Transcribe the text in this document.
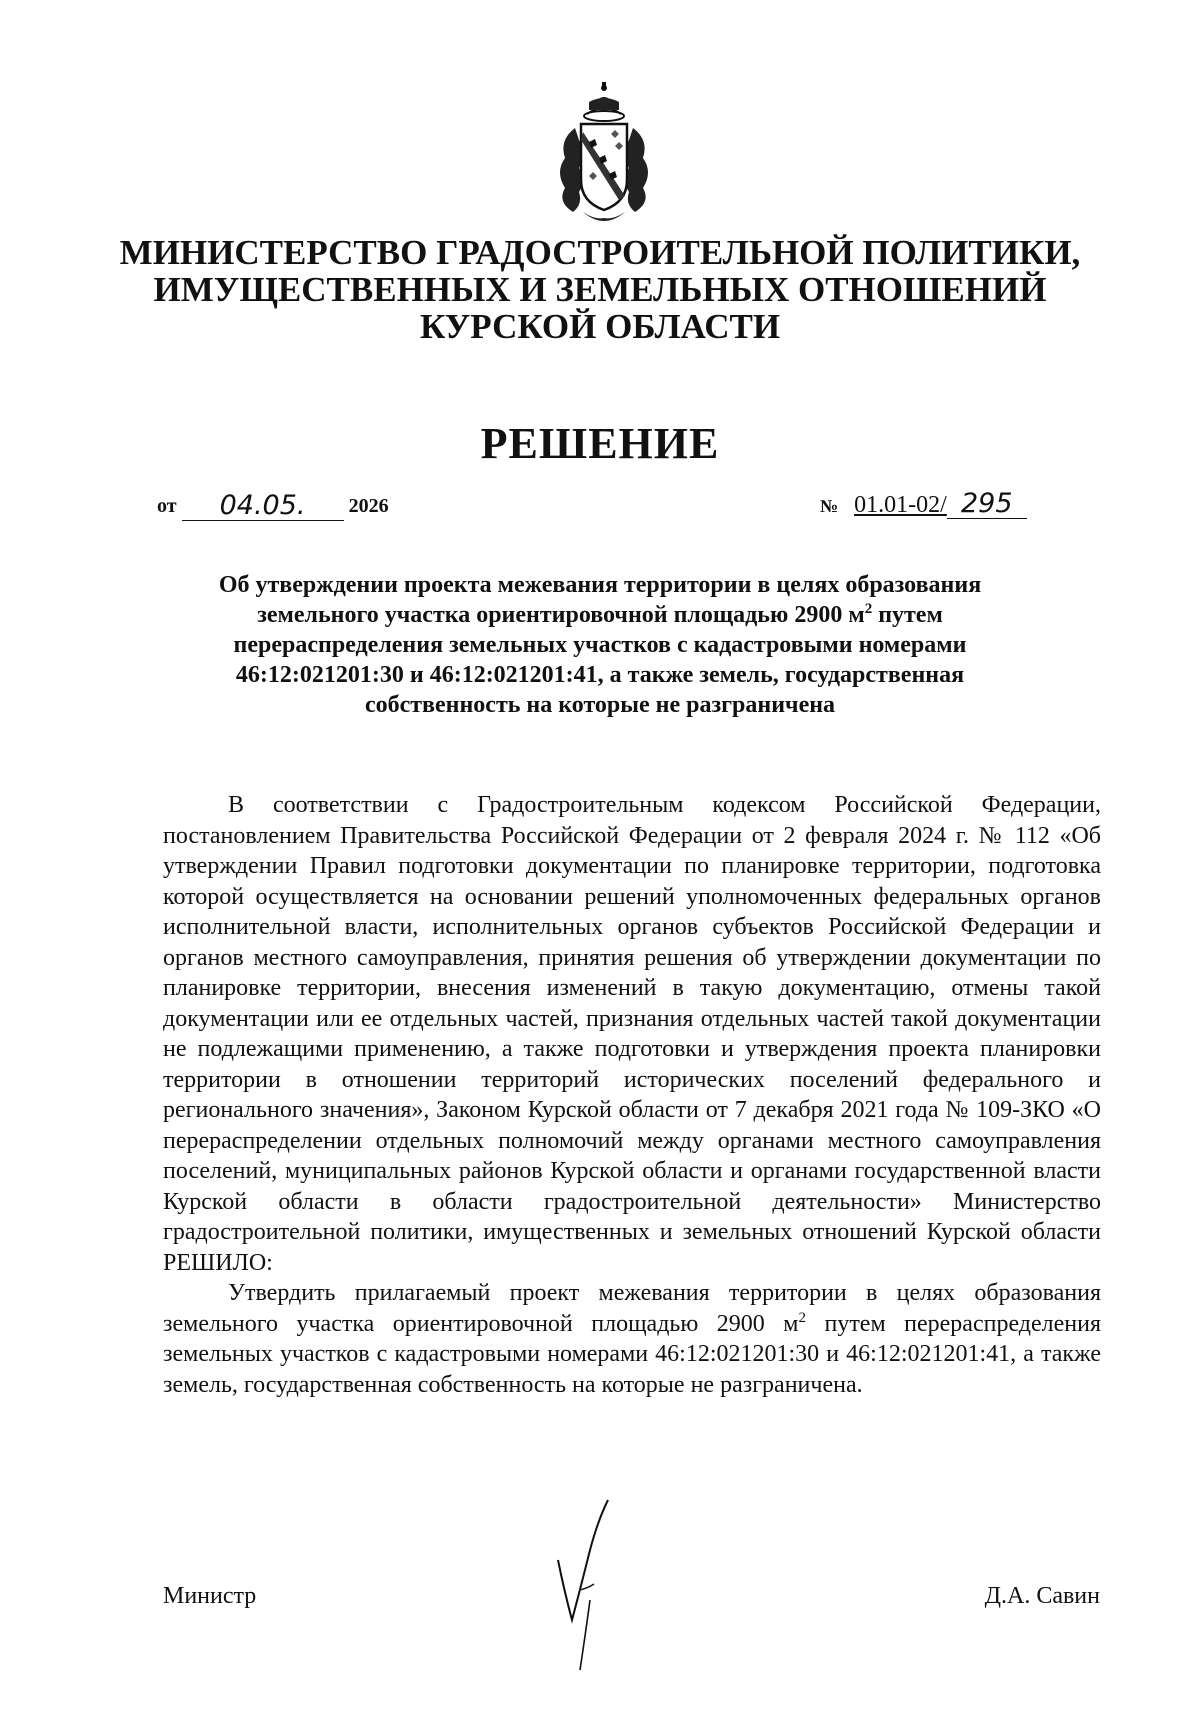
МИНИСТЕРСТВО ГРАДОСТРОИТЕЛЬНОЙ ПОЛИТИКИ,
ИМУЩЕСТВЕННЫХ И ЗЕМЕЛЬНЫХ ОТНОШЕНИЙ
КУРСКОЙ ОБЛАСТИ
РЕШЕНИЕ
от 04.05. 2026	№ 01.01-02/ 295
Об утверждении проекта межевания территории в целях образования
земельного участка ориентировочной площадью 2900 $м^2$ путем
перераспределения земельных участков с кадастровыми номерами
46:12:021201:30 и 46:12:021201:41, а также земель, государственная
собственность на которые не разграничена

В соответствии с Градостроительным кодексом Российской Федерации, постановлением Правительства Российской Федерации от 2 февраля 2024 г. № 112 «Об утверждении Правил подготовки документации по планировке территории, подготовка которой осуществляется на основании решений уполномоченных федеральных органов исполнительной власти, исполнительных органов субъектов Российской Федерации и органов местного самоуправления, принятия решения об утверждении документации по планировке территории, внесения изменений в такую документацию, отмены такой документации или ее отдельных частей, признания отдельных частей такой документации не подлежащими применению, а также подготовки и утверждения проекта планировки территории в отношении территорий исторических поселений федерального и регионального значения», Законом Курской области от 7 декабря 2021 года № 109-ЗКО «О перераспределении отдельных полномочий между органами местного самоуправления поселений, муниципальных районов Курской области и органами государственной власти Курской области в области градостроительной деятельности» Министерство градостроительной политики, имущественных и земельных отношений Курской области РЕШИЛО:

Утвердить прилагаемый проект межевания территории в целях образования земельного участка ориентировочной площадью 2900 $м^2$ путем перераспределения земельных участков с кадастровыми номерами 46:12:021201:30 и 46:12:021201:41, а также земель, государственная собственность на которые не разграничена.

Министр	Д.А. Савин
